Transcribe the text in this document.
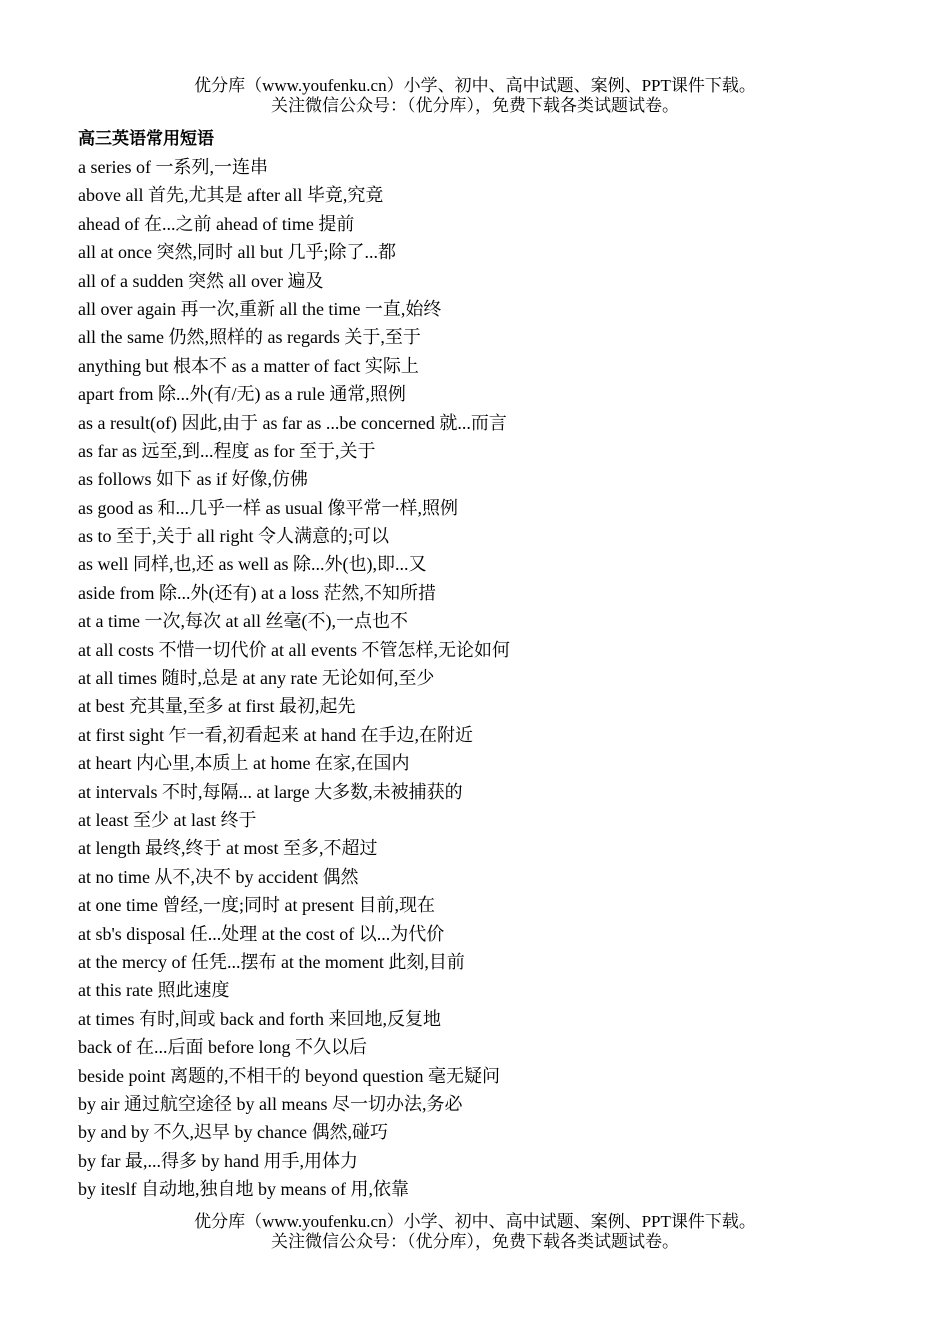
优分库（www.youfenku.cn）小学、初中、高中试题、案例、PPT课件下载。
关注微信公众号：（优分库），免费下载各类试题试卷。
高三英语常用短语
a series of 一系列,一连串
above all 首先,尤其是 after all 毕竟,究竟
ahead of 在...之前 ahead of time 提前
all at once 突然,同时 all but 几乎;除了...都
all of a sudden 突然 all over 遍及
all over again 再一次,重新 all the time 一直,始终
all the same 仍然,照样的 as regards 关于,至于
anything but 根本不 as a matter of fact 实际上
apart from 除...外(有/无) as a rule 通常,照例
as a result(of) 因此,由于 as far as ...be concerned 就...而言
as far as 远至,到...程度 as for 至于,关于
as follows 如下 as if 好像,仿佛
as good as 和...几乎一样 as usual 像平常一样,照例
as to 至于,关于 all right 令人满意的;可以
as well 同样,也,还 as well as 除...外(也),即...又
aside from 除...外(还有) at a loss 茫然,不知所措
at a time 一次,每次 at all 丝毫(不),一点也不
at all costs 不惜一切代价 at all events 不管怎样,无论如何
at all times 随时,总是 at any rate 无论如何,至少
at best 充其量,至多 at first 最初,起先
at first sight 乍一看,初看起来 at hand 在手边,在附近
at heart 内心里,本质上 at home 在家,在国内
at intervals 不时,每隔... at large 大多数,未被捕获的
at least 至少 at last 终于
at length 最终,终于 at most 至多,不超过
at no time 从不,决不 by accident 偶然
at one time 曾经,一度;同时 at present 目前,现在
at sb's disposal 任...处理 at the cost of 以...为代价
at the mercy of 任凭...摆布 at the moment 此刻,目前
at this rate 照此速度
at times 有时,间或 back and forth 来回地,反复地
back of 在...后面 before long 不久以后
beside point 离题的,不相干的 beyond question 毫无疑问
by air 通过航空途径 by all means 尽一切办法,务必
by and by 不久,迟早 by chance 偶然,碰巧
by far 最,...得多 by hand 用手,用体力
by iteslf 自动地,独自地 by means of 用,依靠
优分库（www.youfenku.cn）小学、初中、高中试题、案例、PPT课件下载。
关注微信公众号：（优分库），免费下载各类试题试卷。
